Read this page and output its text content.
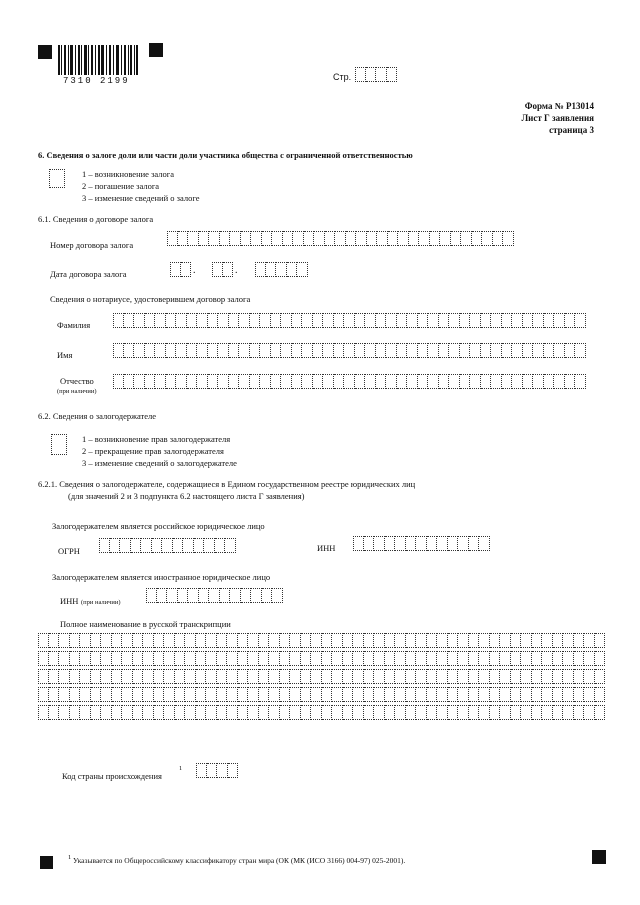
7310 2199	Стр.
Форма № Р13014
Лист Г заявления
страница 3
6. Сведения о залоге доли или части доли участника общества с ограниченной ответственностью
1 – возникновение залога
2 – погашение залога
3 – изменение сведений о залоге
6.1. Сведения о договоре залога
Номер договора залога
Дата договора залога	.	.
Сведения о нотариусе, удостоверившем договор залога
Фамилия
Имя
Отчество
(при наличии)
6.2. Сведения о залогодержателе
1 – возникновение прав залогодержателя
2 – прекращение прав залогодержателя
3 – изменение сведений о залогодержателе
6.2.1. Сведения о залогодержателе, содержащиеся в Едином государственном реестре юридических лиц
(для значений 2 и 3 подпункта 6.2 настоящего листа Г заявления)
Залогодержателем является российское юридическое лицо
ОГРН	ИНН
Залогодержателем является иностранное юридическое лицо
ИНН (при наличии)
Полное наименование в русской транскрипции
Код страны происхождения
1
1 Указывается по Общероссийскому классификатору стран мира (ОК (МК (ИСО 3166) 004-97) 025-2001).
